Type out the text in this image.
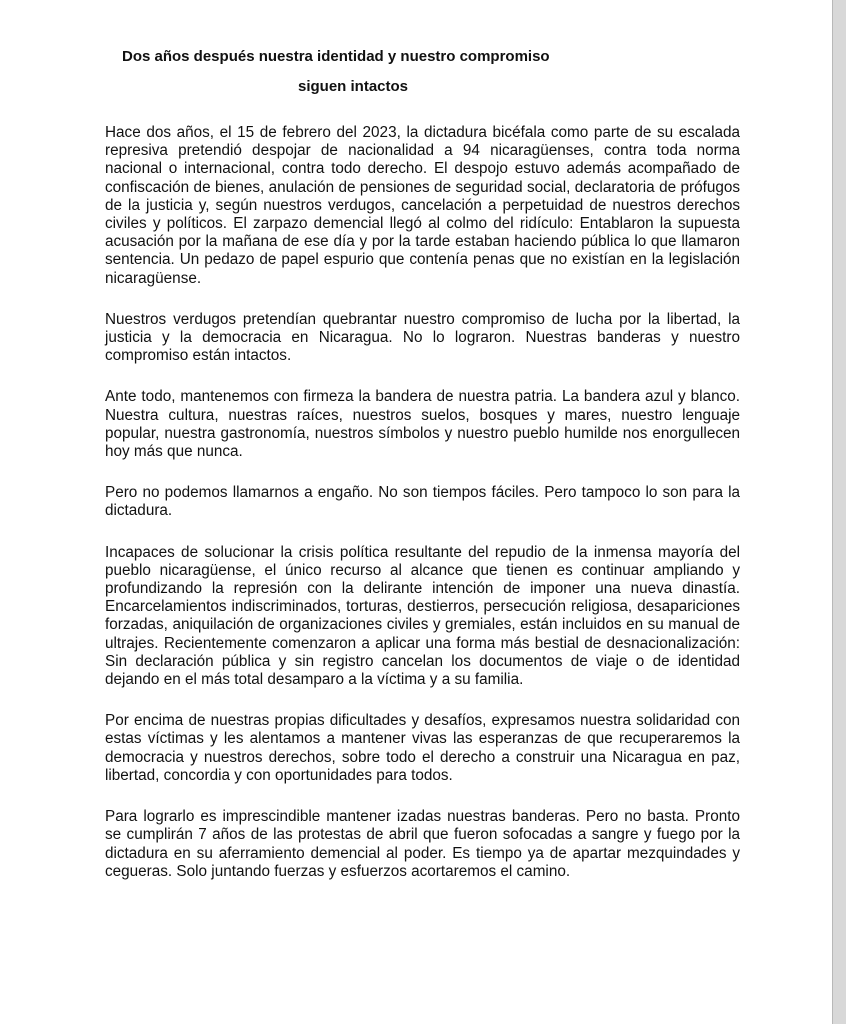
Dos años después nuestra identidad y nuestro compromiso
siguen intactos

Hace dos años, el 15 de febrero del 2023, la dictadura bicéfala como parte de su escalada represiva pretendió despojar de nacionalidad a 94 nicaragüenses, contra toda norma nacional o internacional, contra todo derecho. El despojo estuvo además acompañado de confiscación de bienes, anulación de pensiones de seguridad social, declaratoria de prófugos de la justicia y, según nuestros verdugos, cancelación a perpetuidad de nuestros derechos civiles y políticos. El zarpazo demencial llegó al colmo del ridículo: Entablaron la supuesta acusación por la mañana de ese día y por la tarde estaban haciendo pública lo que llamaron sentencia. Un pedazo de papel espurio que contenía penas que no existían en la legislación nicaragüense.

Nuestros verdugos pretendían quebrantar nuestro compromiso de lucha por la libertad, la justicia y la democracia en Nicaragua. No lo lograron. Nuestras banderas y nuestro compromiso están intactos.

Ante todo, mantenemos con firmeza la bandera de nuestra patria. La bandera azul y blanco. Nuestra cultura, nuestras raíces, nuestros suelos, bosques y mares, nuestro lenguaje popular, nuestra gastronomía, nuestros símbolos y nuestro pueblo humilde nos enorgullecen hoy más que nunca.

Pero no podemos llamarnos a engaño. No son tiempos fáciles. Pero tampoco lo son para la dictadura.

Incapaces de solucionar la crisis política resultante del repudio de la inmensa mayoría del pueblo nicaragüense, el único recurso al alcance que tienen es continuar ampliando y profundizando la represión con la delirante intención de imponer una nueva dinastía. Encarcelamientos indiscriminados, torturas, destierros, persecución religiosa, desapariciones forzadas, aniquilación de organizaciones civiles y gremiales, están incluidos en su manual de ultrajes. Recientemente comenzaron a aplicar una forma más bestial de desnacionalización: Sin declaración pública y sin registro cancelan los documentos de viaje o de identidad dejando en el más total desamparo a la víctima y a su familia.

Por encima de nuestras propias dificultades y desafíos, expresamos nuestra solidaridad con estas víctimas y les alentamos a mantener vivas las esperanzas de que recuperaremos la democracia y nuestros derechos, sobre todo el derecho a construir una Nicaragua en paz, libertad, concordia y con oportunidades para todos.

Para lograrlo es imprescindible mantener izadas nuestras banderas. Pero no basta. Pronto se cumplirán 7 años de las protestas de abril que fueron sofocadas a sangre y fuego por la dictadura en su aferramiento demencial al poder. Es tiempo ya de apartar mezquindades y cegueras. Solo juntando fuerzas y esfuerzos acortaremos el camino.
